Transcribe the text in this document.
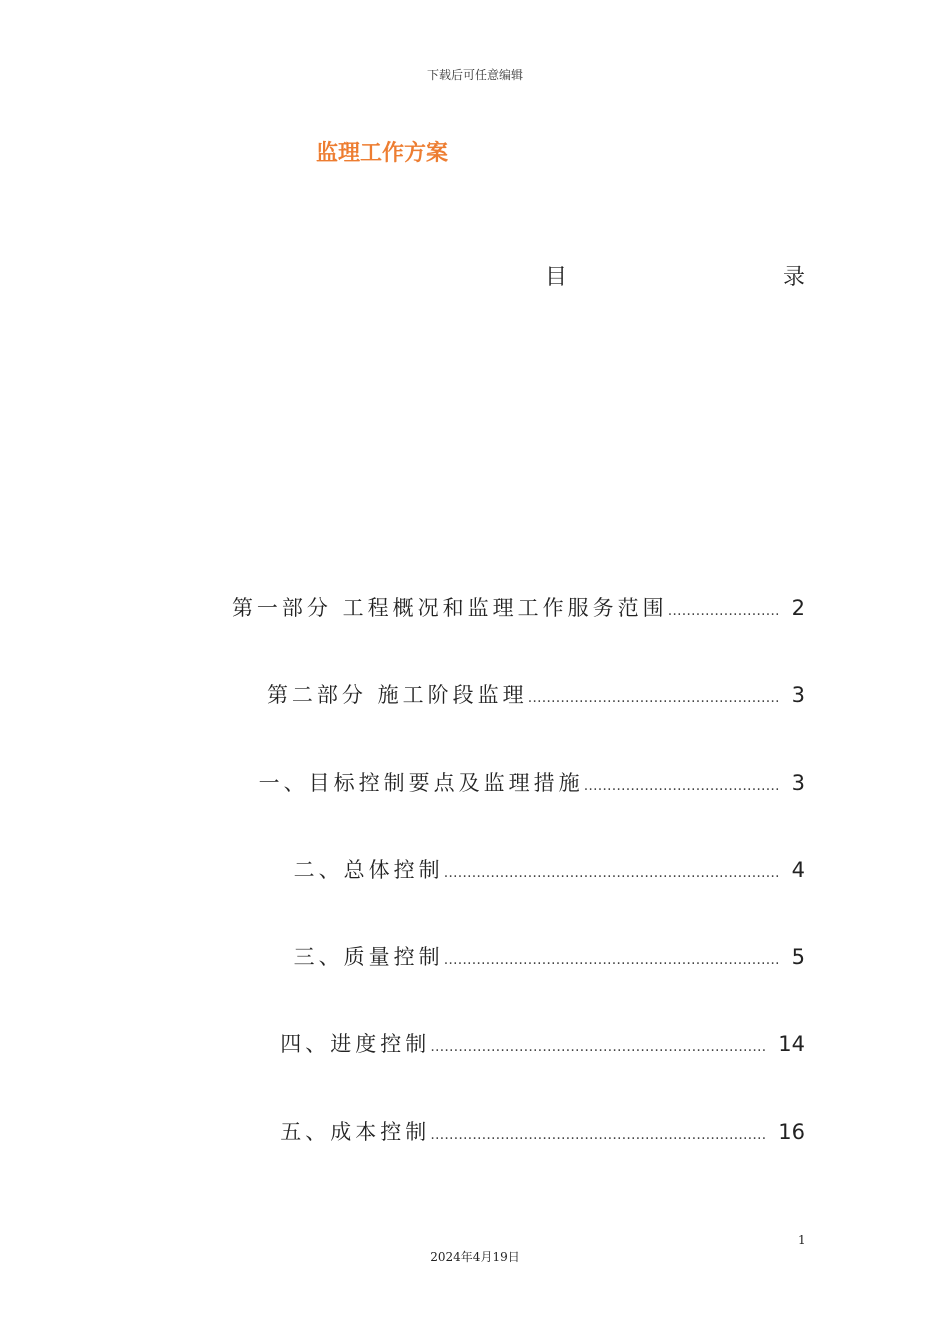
下载后可任意编辑
监理工作方案
目	录
第一部分 工程概况和监理工作服务范围 …………………… 2
第二部分 施工阶段监理 ……………………………………………… 3
一、目标控制要点及监理措施 …………………………………… 3
二、总体控制 ……………………………………………………………… 4
三、质量控制 ……………………………………………………………… 5
四、进度控制 ……………………………………………………………… 14
五、成本控制 ……………………………………………………………… 16
1
2024年4月19日
